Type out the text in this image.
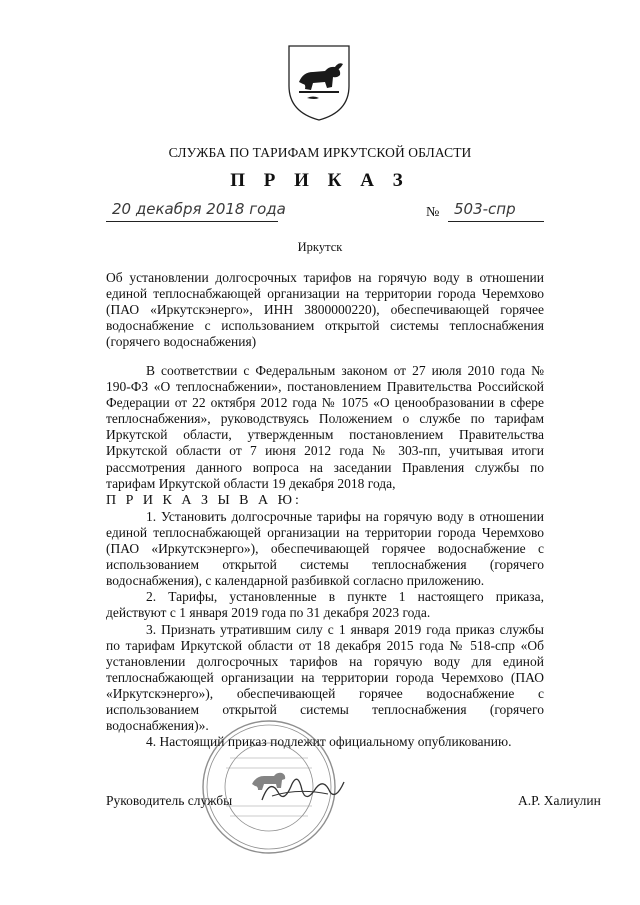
СЛУЖБА ПО ТАРИФАМ ИРКУТСКОЙ ОБЛАСТИ
П Р И К А З
20 декабря 2018 года	№ 503-спр
Иркутск
Об установлении долгосрочных тарифов на горячую воду в отношении единой теплоснабжающей организации на территории города Черемхово (ПАО «Иркутскэнерго», ИНН 3800000220), обеспечивающей горячее водоснабжение с использованием открытой системы теплоснабжения (горячего водоснабжения)

В соответствии с Федеральным законом от 27 июля 2010 года № 190-ФЗ «О теплоснабжении», постановлением Правительства Российской Федерации от 22 октября 2012 года № 1075 «О ценообразовании в сфере теплоснабжения», руководствуясь Положением о службе по тарифам Иркутской области, утвержденным постановлением Правительства Иркутской области от 7 июня 2012 года № 303-пп, учитывая итоги рассмотрения данного вопроса на заседании Правления службы по тарифам Иркутской области 19 декабря 2018 года,

П Р И К А З Ы В А Ю:

1. Установить долгосрочные тарифы на горячую воду в отношении единой теплоснабжающей организации на территории города Черемхово (ПАО «Иркутскэнерго»), обеспечивающей горячее водоснабжение с использованием открытой системы теплоснабжения (горячего водоснабжения), с календарной разбивкой согласно приложению.

2. Тарифы, установленные в пункте 1 настоящего приказа, действуют с 1 января 2019 года по 31 декабря 2023 года.

3. Признать утратившим силу с 1 января 2019 года приказ службы по тарифам Иркутской области от 18 декабря 2015 года № 518-спр «Об установлении долгосрочных тарифов на горячую воду для единой теплоснабжающей организации на территории города Черемхово (ПАО «Иркутскэнерго»), обеспечивающей горячее водоснабжение с использованием открытой системы теплоснабжения (горячего водоснабжения)».

4. Настоящий приказ подлежит официальному опубликованию.

Руководитель службы	А.Р. Халиулин
